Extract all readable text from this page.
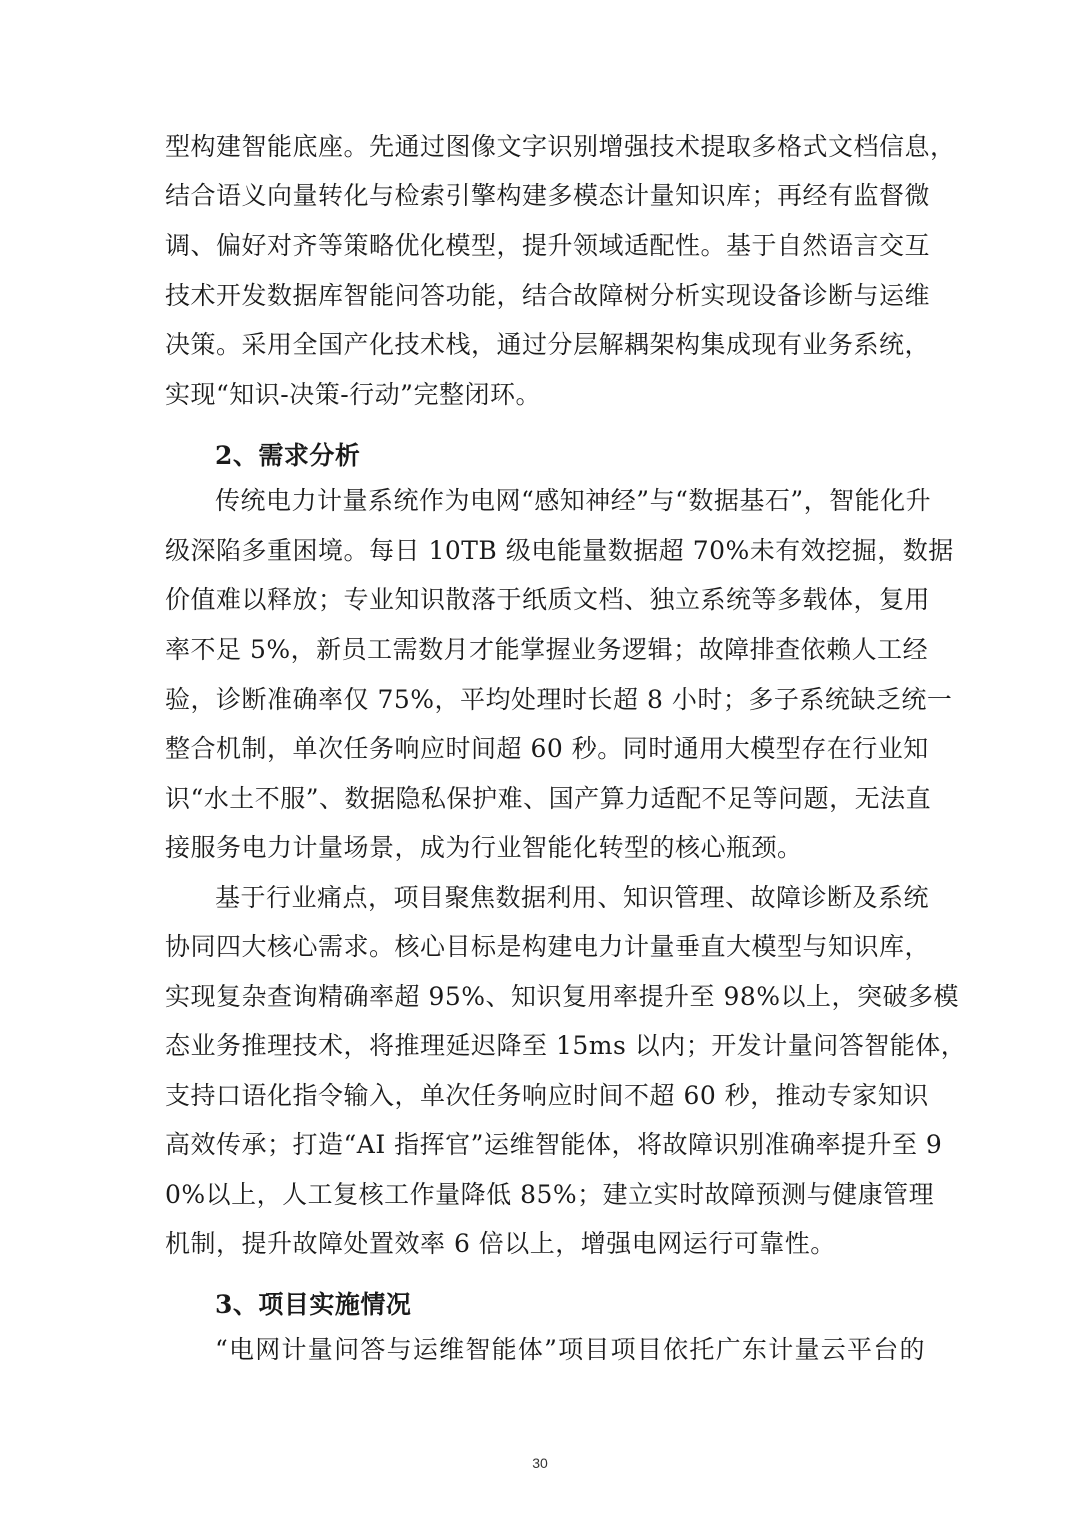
型构建智能底座。先通过图像文字识别增强技术提取多格式文档信息，
结合语义向量转化与检索引擎构建多模态计量知识库；再经有监督微
调、偏好对齐等策略优化模型，提升领域适配性。基于自然语言交互
技术开发数据库智能问答功能，结合故障树分析实现设备诊断与运维
决策。采用全国产化技术栈，通过分层解耦架构集成现有业务系统，
实现“知识-决策-行动”完整闭环。
2、需求分析
传统电力计量系统作为电网“感知神经”与“数据基石”，智能化升
级深陷多重困境。每日 10TB 级电能量数据超 70%未有效挖掘，数据
价值难以释放；专业知识散落于纸质文档、独立系统等多载体，复用
率不足 5%，新员工需数月才能掌握业务逻辑；故障排查依赖人工经
验，诊断准确率仅 75%，平均处理时长超 8 小时；多子系统缺乏统一
整合机制，单次任务响应时间超 60 秒。同时通用大模型存在行业知
识“水土不服”、数据隐私保护难、国产算力适配不足等问题，无法直
接服务电力计量场景，成为行业智能化转型的核心瓶颈。
基于行业痛点，项目聚焦数据利用、知识管理、故障诊断及系统
协同四大核心需求。核心目标是构建电力计量垂直大模型与知识库，
实现复杂查询精确率超 95%、知识复用率提升至 98%以上，突破多模
态业务推理技术，将推理延迟降至 15ms 以内；开发计量问答智能体，
支持口语化指令输入，单次任务响应时间不超 60 秒，推动专家知识
高效传承；打造“AI 指挥官”运维智能体，将故障识别准确率提升至 9
0%以上，人工复核工作量降低 85%；建立实时故障预测与健康管理
机制，提升故障处置效率 6 倍以上，增强电网运行可靠性。
3、项目实施情况
“电网计量问答与运维智能体”项目项目依托广东计量云平台的
30
